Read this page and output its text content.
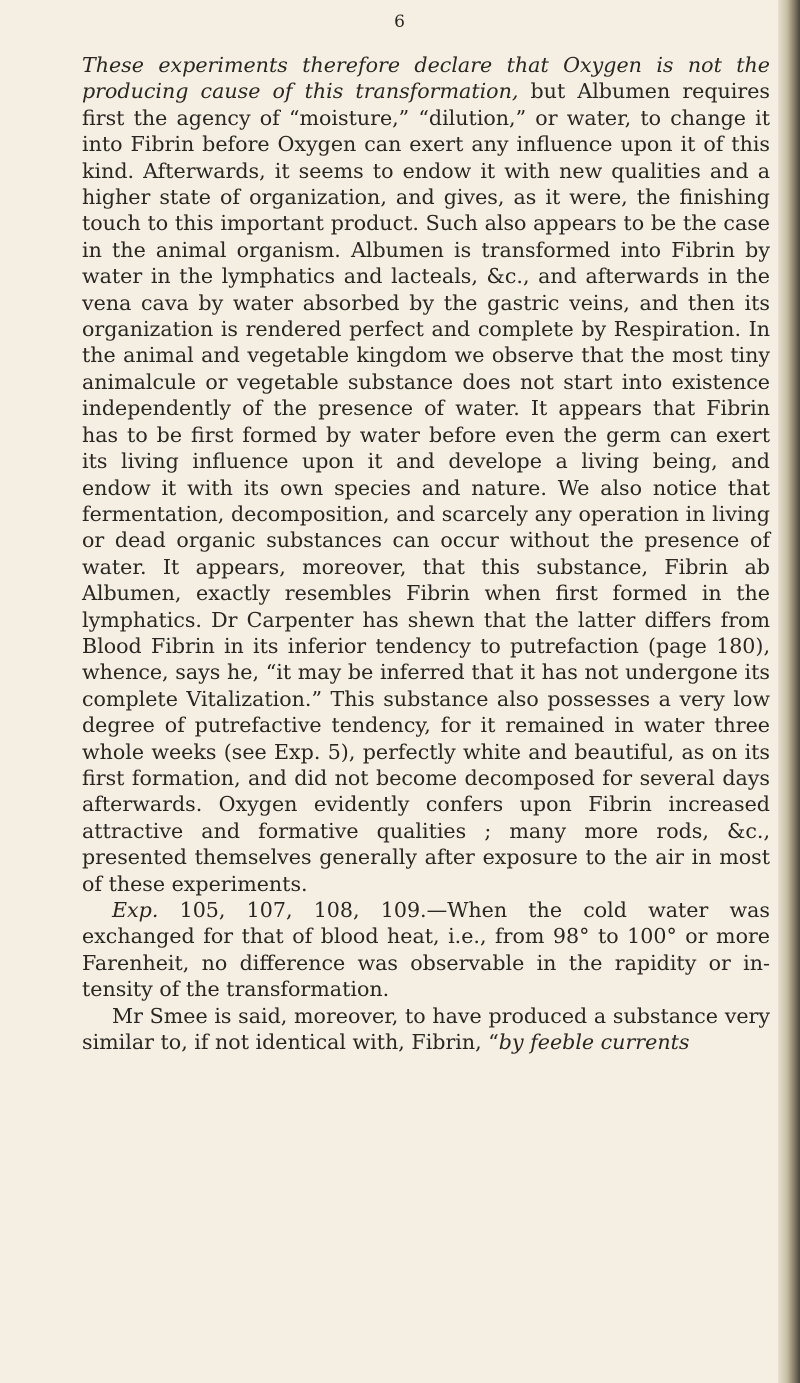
6

These experiments therefore declare that Oxygen is not the producing cause of this transformation, but Albumen requires first the agency of “moisture,” “dilution,” or water, to change it into Fibrin before Oxygen can exert any influence upon it of this kind. Afterwards, it seems to endow it with new qualities and a higher state of organization, and gives, as it were, the finishing touch to this important product. Such also appears to be the case in the animal organism. Albumen is transformed into Fibrin by water in the lymphatics and lacteals, &c., and afterwards in the vena cava by water absorbed by the gastric veins, and then its organization is rendered perfect and complete by Respiration. In the animal and vegetable kingdom we observe that the most tiny animalcule or vegetable substance does not start into existence independently of the presence of water. It appears that Fibrin has to be first formed by water before even the germ can exert its living influence upon it and develope a living being, and endow it with its own species and nature. We also notice that fermentation, decomposition, and scarcely any operation in living or dead organic substances can occur without the presence of water. It appears, moreover, that this substance, Fibrin ab Albumen, exactly resembles Fibrin when first formed in the lymphatics. Dr Carpenter has shewn that the latter differs from Blood Fibrin in its inferior tendency to putrefaction (page 180), whence, says he, “it may be inferred that it has not undergone its complete Vitalization.” This substance also possesses a very low degree of putrefactive tendency, for it remained in water three whole weeks (see Exp. 5), perfectly white and beautiful, as on its first formation, and did not become decomposed for several days afterwards. Oxygen evidently confers upon Fibrin increased attractive and formative qualities ; many more rods, &c., presented themselves generally after exposure to the air in most of these experiments.

Exp. 105, 107, 108, 109.—When the cold water was exchanged for that of blood heat, i.e., from 98° to 100° or more Farenheit, no difference was observable in the rapidity or in- tensity of the transformation.

Mr Smee is said, moreover, to have produced a substance very similar to, if not identical with, Fibrin, “by feeble currents
